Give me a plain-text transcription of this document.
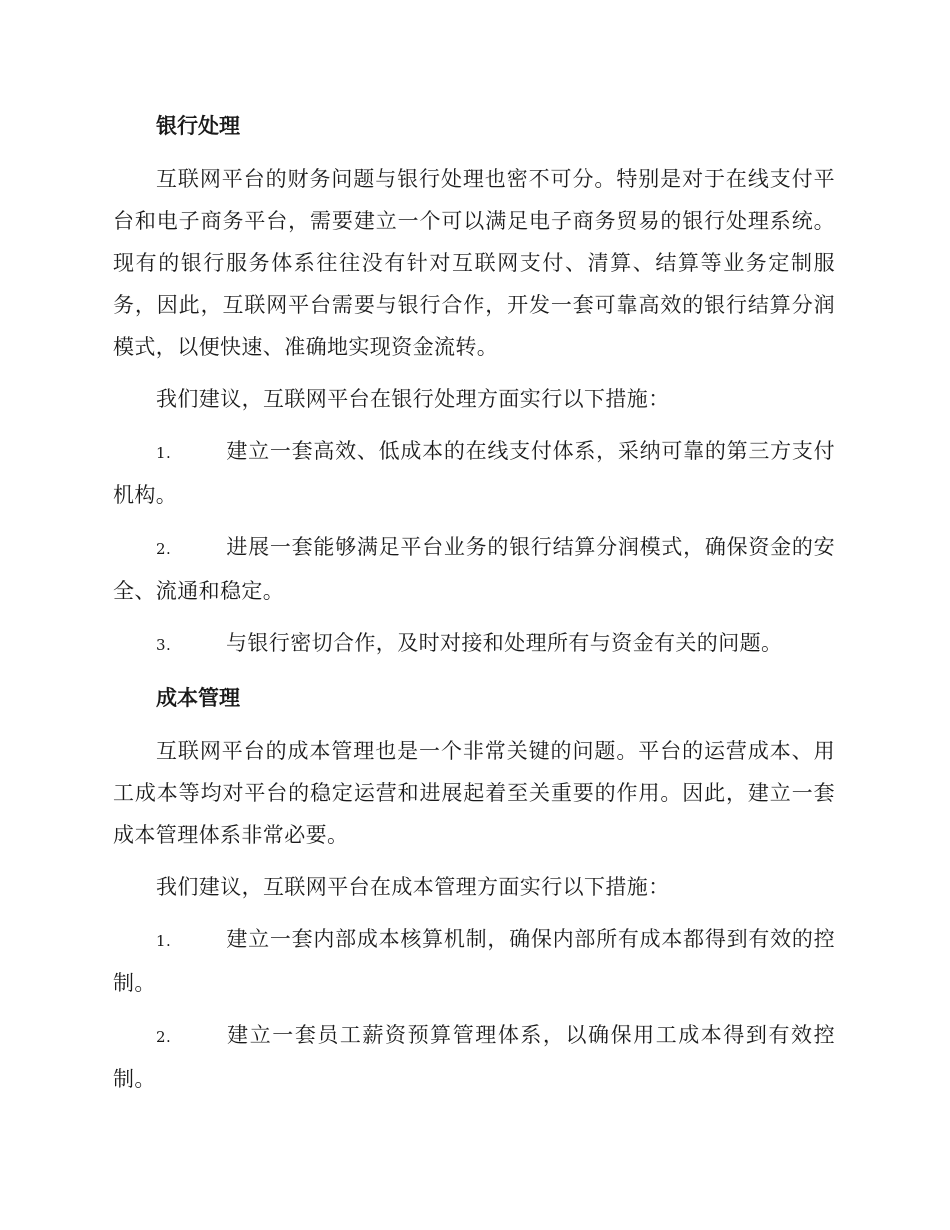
银行处理

互联网平台的财务问题与银行处理也密不可分。特别是对于在线支付平台和电子商务平台，需要建立一个可以满足电子商务贸易的银行处理系统。现有的银行服务体系往往没有针对互联网支付、清算、结算等业务定制服务，因此，互联网平台需要与银行合作，开发一套可靠高效的银行结算分润模式，以便快速、准确地实现资金流转。

我们建议，互联网平台在银行处理方面实行以下措施：

1.	建立一套高效、低成本的在线支付体系，采纳可靠的第三方支付机构。

2.	进展一套能够满足平台业务的银行结算分润模式，确保资金的安全、流通和稳定。

3.	与银行密切合作，及时对接和处理所有与资金有关的问题。

成本管理

互联网平台的成本管理也是一个非常关键的问题。平台的运营成本、用工成本等均对平台的稳定运营和进展起着至关重要的作用。因此，建立一套成本管理体系非常必要。

我们建议，互联网平台在成本管理方面实行以下措施：

1.	建立一套内部成本核算机制，确保内部所有成本都得到有效的控制。

2.	建立一套员工薪资预算管理体系，以确保用工成本得到有效控制。
